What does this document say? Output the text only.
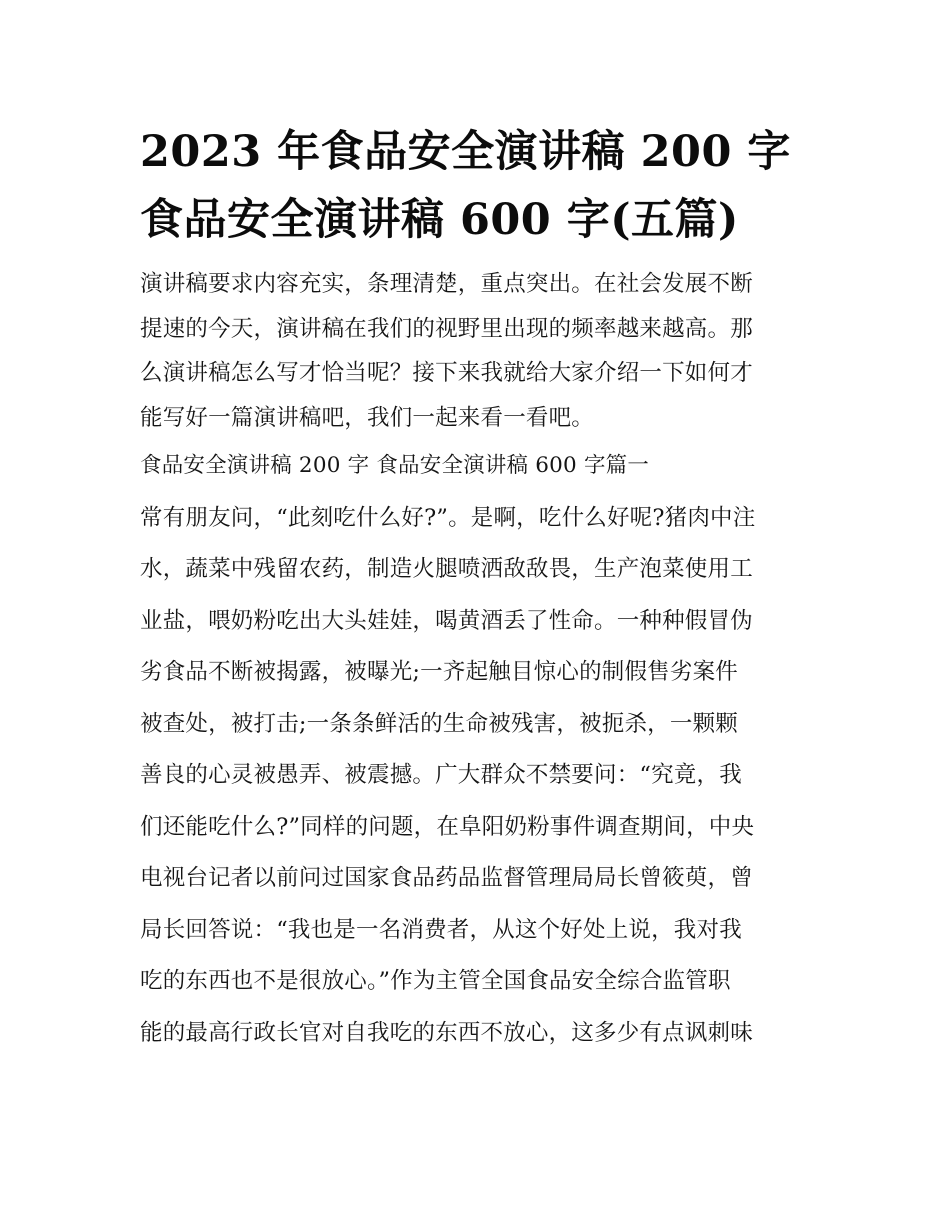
2023 年食品安全演讲稿 200 字
食品安全演讲稿 600 字(五篇)
演讲稿要求内容充实，条理清楚，重点突出。在社会发展不断
提速的今天，演讲稿在我们的视野里出现的频率越来越高。那
么演讲稿怎么写才恰当呢？接下来我就给大家介绍一下如何才
能写好一篇演讲稿吧，我们一起来看一看吧。
食品安全演讲稿 200 字 食品安全演讲稿 600 字篇一
常有朋友问，“此刻吃什么好?”。是啊，吃什么好呢?猪肉中注
水，蔬菜中残留农药，制造火腿喷洒敌敌畏，生产泡菜使用工
业盐，喂奶粉吃出大头娃娃，喝黄酒丢了性命。一种种假冒伪
劣食品不断被揭露，被曝光;一齐起触目惊心的制假售劣案件
被查处，被打击;一条条鲜活的生命被残害，被扼杀，一颗颗
善良的心灵被愚弄、被震撼。广大群众不禁要问：“究竟，我
们还能吃什么?”同样的问题，在阜阳奶粉事件调查期间，中央
电视台记者以前问过国家食品药品监督管理局局长曾筱萸，曾
局长回答说：“我也是一名消费者，从这个好处上说，我对我
吃的东西也不是很放心。”作为主管全国食品安全综合监管职
能的最高行政长官对自我吃的东西不放心，这多少有点讽刺味
